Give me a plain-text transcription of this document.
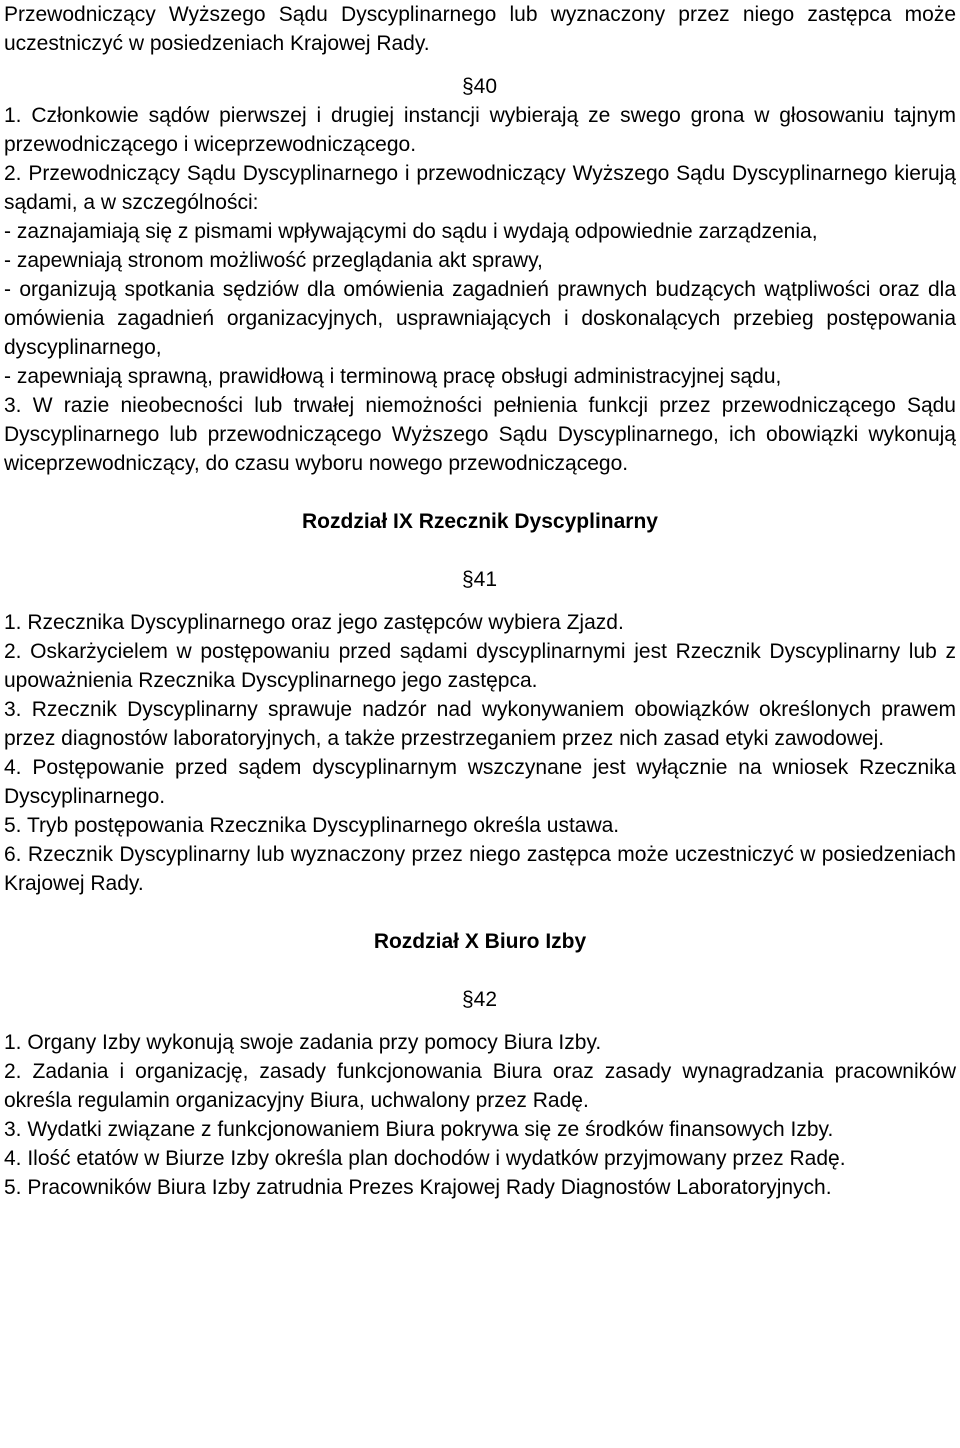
Przewodniczący Wyższego Sądu Dyscyplinarnego lub wyznaczony przez niego zastępca może uczestniczyć w posiedzeniach Krajowej Rady.

§40

1. Członkowie sądów pierwszej i drugiej instancji wybierają ze swego grona w głosowaniu tajnym przewodniczącego i wiceprzewodniczącego.

2. Przewodniczący Sądu Dyscyplinarnego i przewodniczący Wyższego Sądu Dyscyplinarnego kierują sądami, a w szczególności:

- zaznajamiają się z pismami wpływającymi do sądu i wydają odpowiednie zarządzenia,

- zapewniają stronom możliwość przeglądania akt sprawy,

- organizują spotkania sędziów dla omówienia zagadnień prawnych budzących wątpliwości oraz dla omówienia zagadnień organizacyjnych, usprawniających i doskonalących przebieg postępowania dyscyplinarnego,

- zapewniają sprawną, prawidłową i terminową pracę obsługi administracyjnej sądu,

3. W razie nieobecności lub trwałej niemożności pełnienia funkcji przez przewodniczącego Sądu Dyscyplinarnego lub przewodniczącego Wyższego Sądu Dyscyplinarnego, ich obowiązki wykonują wiceprzewodniczący, do czasu wyboru nowego przewodniczącego.

Rozdział IX Rzecznik Dyscyplinarny

§41

1. Rzecznika Dyscyplinarnego oraz jego zastępców wybiera Zjazd.

2. Oskarżycielem w postępowaniu przed sądami dyscyplinarnymi jest Rzecznik Dyscyplinarny lub z upoważnienia Rzecznika Dyscyplinarnego jego zastępca.

3. Rzecznik Dyscyplinarny sprawuje nadzór nad wykonywaniem obowiązków określonych prawem przez diagnostów laboratoryjnych, a także przestrzeganiem przez nich zasad etyki zawodowej.

4. Postępowanie przed sądem dyscyplinarnym wszczynane jest wyłącznie na wniosek Rzecznika Dyscyplinarnego.

5. Tryb postępowania Rzecznika Dyscyplinarnego określa ustawa.

6. Rzecznik Dyscyplinarny lub wyznaczony przez niego zastępca może uczestniczyć w posiedzeniach Krajowej Rady.

Rozdział X Biuro Izby

§42

1. Organy Izby wykonują swoje zadania przy pomocy Biura Izby.

2. Zadania i organizację, zasady funkcjonowania Biura oraz zasady wynagradzania pracowników określa regulamin organizacyjny Biura, uchwalony przez Radę.

3. Wydatki związane z funkcjonowaniem Biura pokrywa się ze środków finansowych Izby.

4. Ilość etatów w Biurze Izby określa plan dochodów i wydatków przyjmowany przez Radę.

5. Pracowników Biura Izby zatrudnia Prezes Krajowej Rady Diagnostów Laboratoryjnych.
